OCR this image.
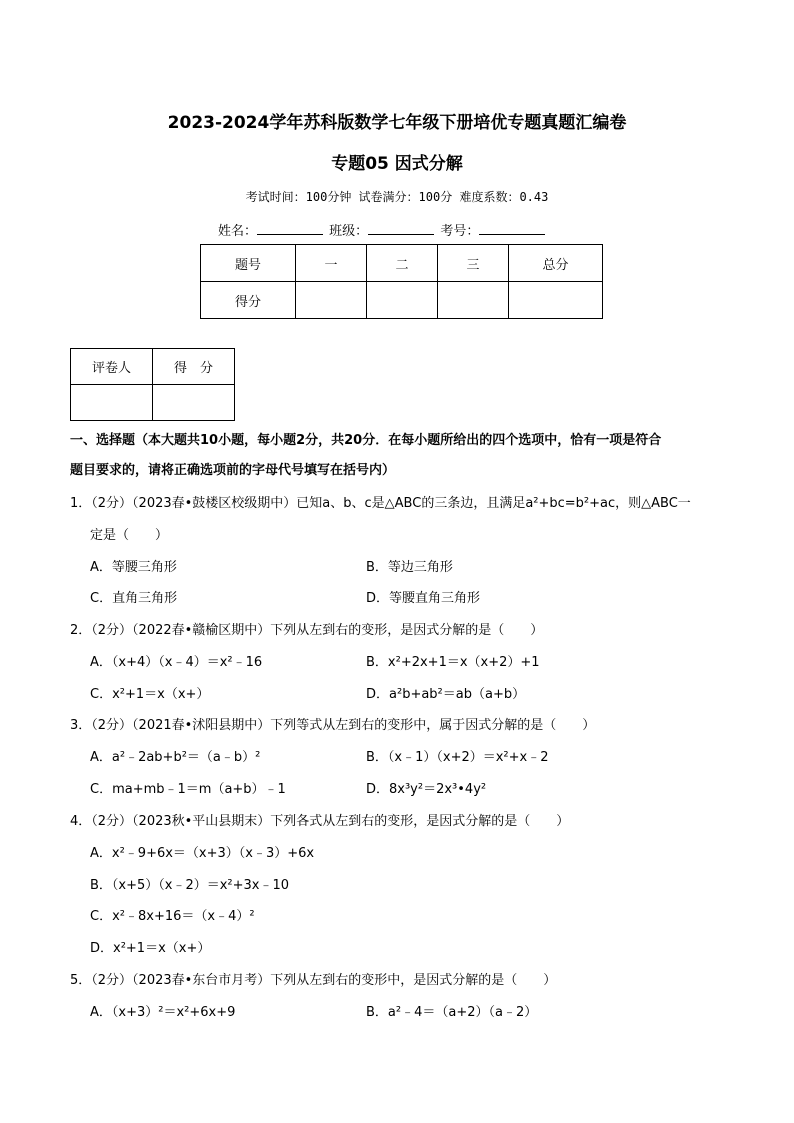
2023-2024学年苏科版数学七年级下册培优专题真题汇编卷
专题05 因式分解
考试时间：100分钟 试卷满分：100分 难度系数：0.43
姓名：	班级：	考号：
题号	一	二	三	总分
得分				
评卷人	得　分

一、选择题（本大题共10小题，每小题2分，共20分．在每小题所给出的四个选项中，恰有一项是符合
题目要求的，请将正确选项前的字母代号填写在括号内）
1．（2分）（2023春•鼓楼区校级期中）已知a、b、c是△ABC的三条边，且满足a²+bc=b²+ac，则△ABC一
定是（　　）
A．等腰三角形	B．等边三角形
C．直角三角形	D．等腰直角三角形
2．（2分）（2022春•赣榆区期中）下列从左到右的变形，是因式分解的是（　　）
A．（x+4）（x﹣4）＝x²﹣16	B．x²+2x+1＝x（x+2）+1
C．x²+1＝x（x+）	D．a²b+ab²＝ab（a+b）
3．（2分）（2021春•沭阳县期中）下列等式从左到右的变形中，属于因式分解的是（　　）
A．a²﹣2ab+b²＝（a﹣b）²	B．（x﹣1）（x+2）＝x²+x﹣2
C．ma+mb﹣1＝m（a+b）﹣1	D．8x³y²＝2x³•4y²
4．（2分）（2023秋•平山县期末）下列各式从左到右的变形，是因式分解的是（　　）
A．x²﹣9+6x＝（x+3）（x﹣3）+6x
B．（x+5）（x﹣2）＝x²+3x﹣10
C．x²﹣8x+16＝（x﹣4）²
D．x²+1＝x（x+）
5．（2分）（2023春•东台市月考）下列从左到右的变形中，是因式分解的是（　　）
A．（x+3）²＝x²+6x+9	B．a²﹣4＝（a+2）（a﹣2）
